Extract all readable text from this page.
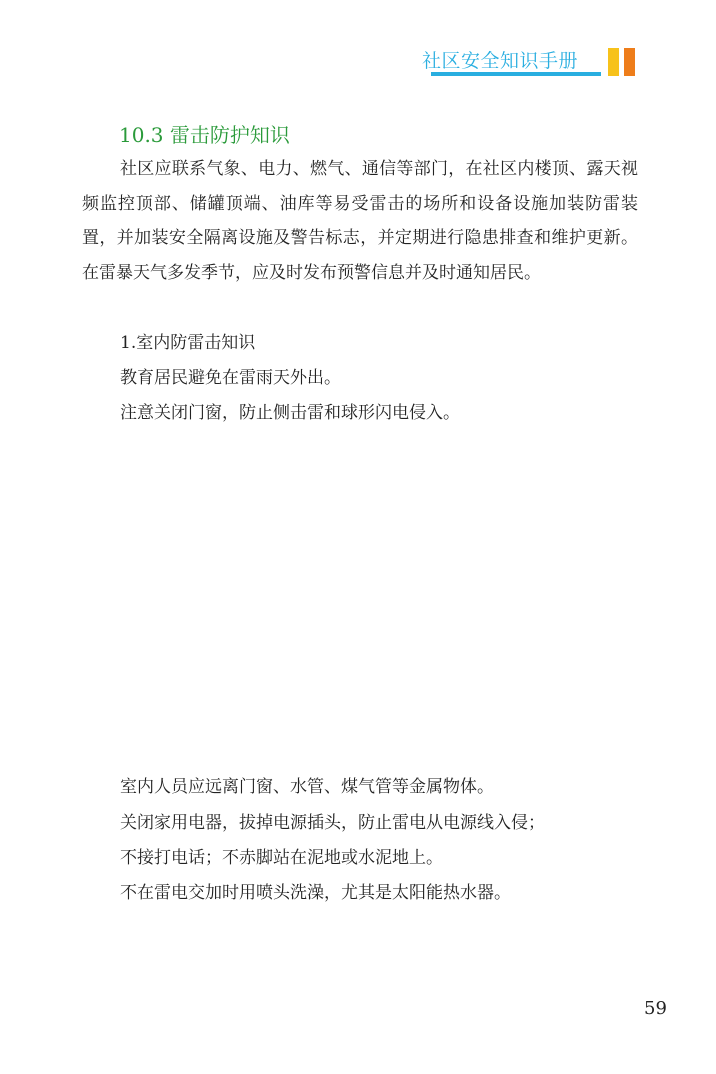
社区安全知识手册
10.3 雷击防护知识

社区应联系气象、电力、燃气、通信等部门，在社区内楼顶、露天视频监控顶部、储罐顶端、油库等易受雷击的场所和设备设施加装防雷装置，并加装安全隔离设施及警告标志，并定期进行隐患排查和维护更新。在雷暴天气多发季节，应及时发布预警信息并及时通知居民。

1.室内防雷击知识

教育居民避免在雷雨天外出。

注意关闭门窗，防止侧击雷和球形闪电侵入。

室内人员应远离门窗、水管、煤气管等金属物体。

关闭家用电器，拔掉电源插头，防止雷电从电源线入侵；

不接打电话；不赤脚站在泥地或水泥地上。

不在雷电交加时用喷头洗澡，尤其是太阳能热水器。

59
